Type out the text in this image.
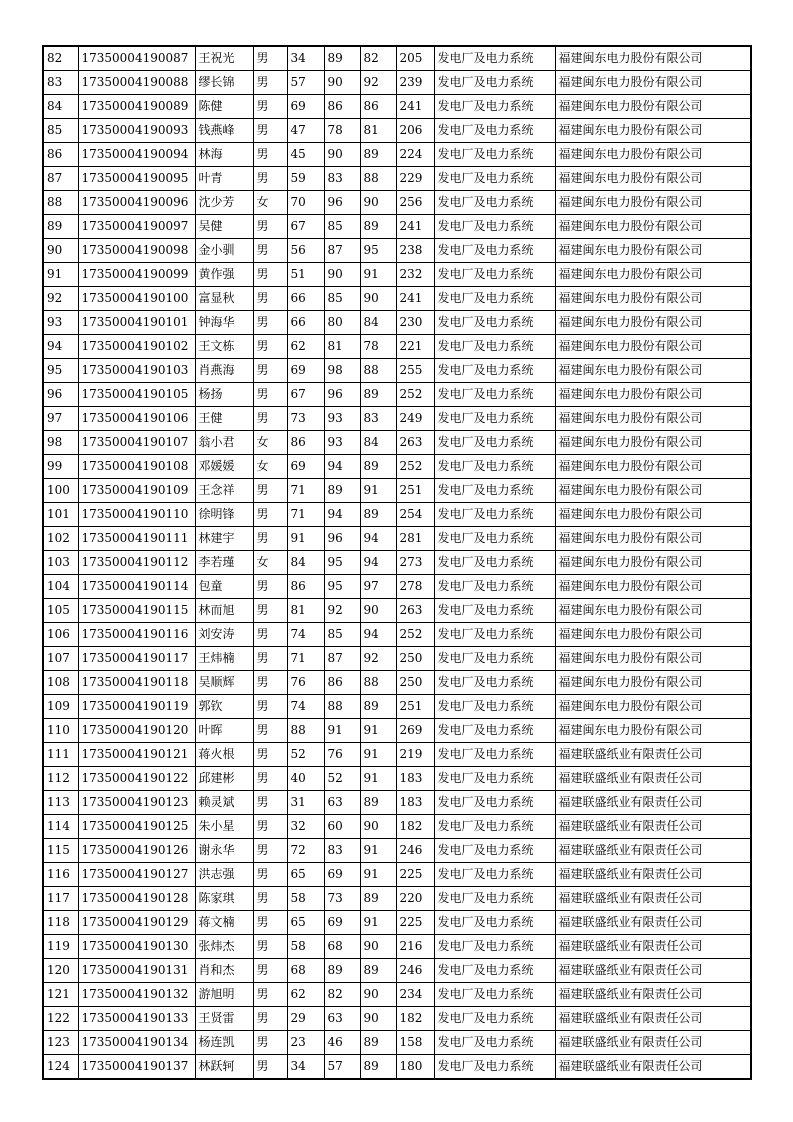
82	17350004190087	王祝光	男	34	89	82	205	发电厂及电力系统	福建闽东电力股份有限公司
83	17350004190088	缪长锦	男	57	90	92	239	发电厂及电力系统	福建闽东电力股份有限公司
84	17350004190089	陈健	男	69	86	86	241	发电厂及电力系统	福建闽东电力股份有限公司
85	17350004190093	钱燕峰	男	47	78	81	206	发电厂及电力系统	福建闽东电力股份有限公司
86	17350004190094	林海	男	45	90	89	224	发电厂及电力系统	福建闽东电力股份有限公司
87	17350004190095	叶青	男	59	83	88	229	发电厂及电力系统	福建闽东电力股份有限公司
88	17350004190096	沈少芳	女	70	96	90	256	发电厂及电力系统	福建闽东电力股份有限公司
89	17350004190097	吴健	男	67	85	89	241	发电厂及电力系统	福建闽东电力股份有限公司
90	17350004190098	金小驯	男	56	87	95	238	发电厂及电力系统	福建闽东电力股份有限公司
91	17350004190099	黄作强	男	51	90	91	232	发电厂及电力系统	福建闽东电力股份有限公司
92	17350004190100	富显秋	男	66	85	90	241	发电厂及电力系统	福建闽东电力股份有限公司
93	17350004190101	钟海华	男	66	80	84	230	发电厂及电力系统	福建闽东电力股份有限公司
94	17350004190102	王文栋	男	62	81	78	221	发电厂及电力系统	福建闽东电力股份有限公司
95	17350004190103	肖燕海	男	69	98	88	255	发电厂及电力系统	福建闽东电力股份有限公司
96	17350004190105	杨扬	男	67	96	89	252	发电厂及电力系统	福建闽东电力股份有限公司
97	17350004190106	王健	男	73	93	83	249	发电厂及电力系统	福建闽东电力股份有限公司
98	17350004190107	翁小君	女	86	93	84	263	发电厂及电力系统	福建闽东电力股份有限公司
99	17350004190108	邓媛媛	女	69	94	89	252	发电厂及电力系统	福建闽东电力股份有限公司
100	17350004190109	王念祥	男	71	89	91	251	发电厂及电力系统	福建闽东电力股份有限公司
101	17350004190110	徐明锋	男	71	94	89	254	发电厂及电力系统	福建闽东电力股份有限公司
102	17350004190111	林建宇	男	91	96	94	281	发电厂及电力系统	福建闽东电力股份有限公司
103	17350004190112	李若瑾	女	84	95	94	273	发电厂及电力系统	福建闽东电力股份有限公司
104	17350004190114	包童	男	86	95	97	278	发电厂及电力系统	福建闽东电力股份有限公司
105	17350004190115	林而旭	男	81	92	90	263	发电厂及电力系统	福建闽东电力股份有限公司
106	17350004190116	刘安涛	男	74	85	94	252	发电厂及电力系统	福建闽东电力股份有限公司
107	17350004190117	王炜楠	男	71	87	92	250	发电厂及电力系统	福建闽东电力股份有限公司
108	17350004190118	吴顺辉	男	76	86	88	250	发电厂及电力系统	福建闽东电力股份有限公司
109	17350004190119	郭钦	男	74	88	89	251	发电厂及电力系统	福建闽东电力股份有限公司
110	17350004190120	叶晖	男	88	91	91	269	发电厂及电力系统	福建闽东电力股份有限公司
111	17350004190121	蒋火根	男	52	76	91	219	发电厂及电力系统	福建联盛纸业有限责任公司
112	17350004190122	邱建彬	男	40	52	91	183	发电厂及电力系统	福建联盛纸业有限责任公司
113	17350004190123	赖灵斌	男	31	63	89	183	发电厂及电力系统	福建联盛纸业有限责任公司
114	17350004190125	朱小星	男	32	60	90	182	发电厂及电力系统	福建联盛纸业有限责任公司
115	17350004190126	谢永华	男	72	83	91	246	发电厂及电力系统	福建联盛纸业有限责任公司
116	17350004190127	洪志强	男	65	69	91	225	发电厂及电力系统	福建联盛纸业有限责任公司
117	17350004190128	陈家琪	男	58	73	89	220	发电厂及电力系统	福建联盛纸业有限责任公司
118	17350004190129	蒋文楠	男	65	69	91	225	发电厂及电力系统	福建联盛纸业有限责任公司
119	17350004190130	张炜杰	男	58	68	90	216	发电厂及电力系统	福建联盛纸业有限责任公司
120	17350004190131	肖和杰	男	68	89	89	246	发电厂及电力系统	福建联盛纸业有限责任公司
121	17350004190132	游旭明	男	62	82	90	234	发电厂及电力系统	福建联盛纸业有限责任公司
122	17350004190133	王贤雷	男	29	63	90	182	发电厂及电力系统	福建联盛纸业有限责任公司
123	17350004190134	杨连凯	男	23	46	89	158	发电厂及电力系统	福建联盛纸业有限责任公司
124	17350004190137	林跃轲	男	34	57	89	180	发电厂及电力系统	福建联盛纸业有限责任公司
